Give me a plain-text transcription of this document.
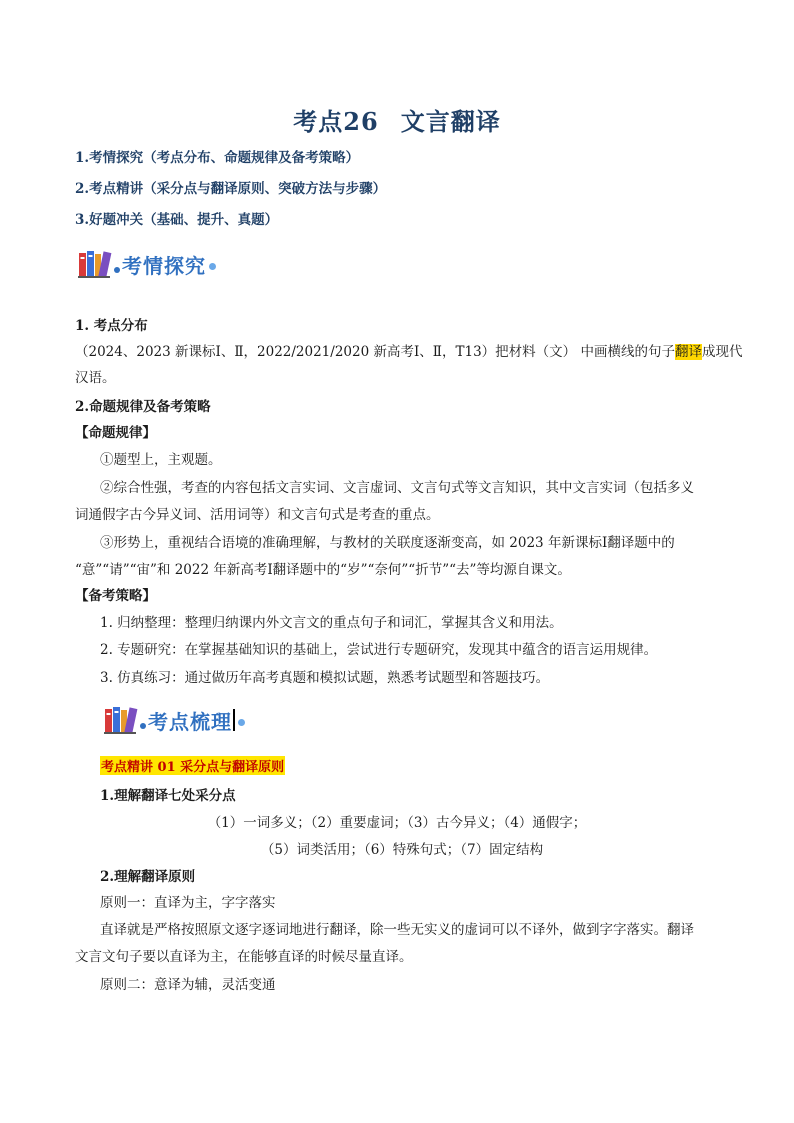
考点26 文言翻译
1.考情探究（考点分布、命题规律及备考策略）
2.考点精讲（采分点与翻译原则、突破方法与步骤）
3.好题冲关（基础、提升、真题）
考情探究
1. 考点分布
（2024、2023 新课标Ⅰ、Ⅱ，2022/2021/2020 新高考Ⅰ、Ⅱ，T13）把材料（文） 中画横线的句子翻译成现代
汉语。
2.命题规律及备考策略
【命题规律】
①题型上，主观题。
②综合性强，考查的内容包括文言实词、文言虚词、文言句式等文言知识，其中文言实词（包括多义
词通假字古今异义词、活用词等）和文言句式是考查的重点。
③形势上，重视结合语境的准确理解，与教材的关联度逐渐变高，如 2023 年新课标Ⅰ翻译题中的
“意”“请”“宙”和 2022 年新高考Ⅰ翻译题中的“岁”“奈何”“折节”“去”等均源自课文。
【备考策略】
1. 归纳整理：整理归纳课内外文言文的重点句子和词汇，掌握其含义和用法。
2. 专题研究：在掌握基础知识的基础上，尝试进行专题研究，发现其中蕴含的语言运用规律。
3. 仿真练习：通过做历年高考真题和模拟试题，熟悉考试题型和答题技巧。
考点梳理
考点精讲 01 采分点与翻译原则
1.理解翻译七处采分点
（1）一词多义；（2）重要虚词；（3）古今异义；（4）通假字；
（5）词类活用；（6）特殊句式；（7）固定结构
2.理解翻译原则
原则一：直译为主，字字落实
直译就是严格按照原文逐字逐词地进行翻译，除一些无实义的虚词可以不译外，做到字字落实。翻译
文言文句子要以直译为主，在能够直译的时候尽量直译。
原则二：意译为辅，灵活变通
